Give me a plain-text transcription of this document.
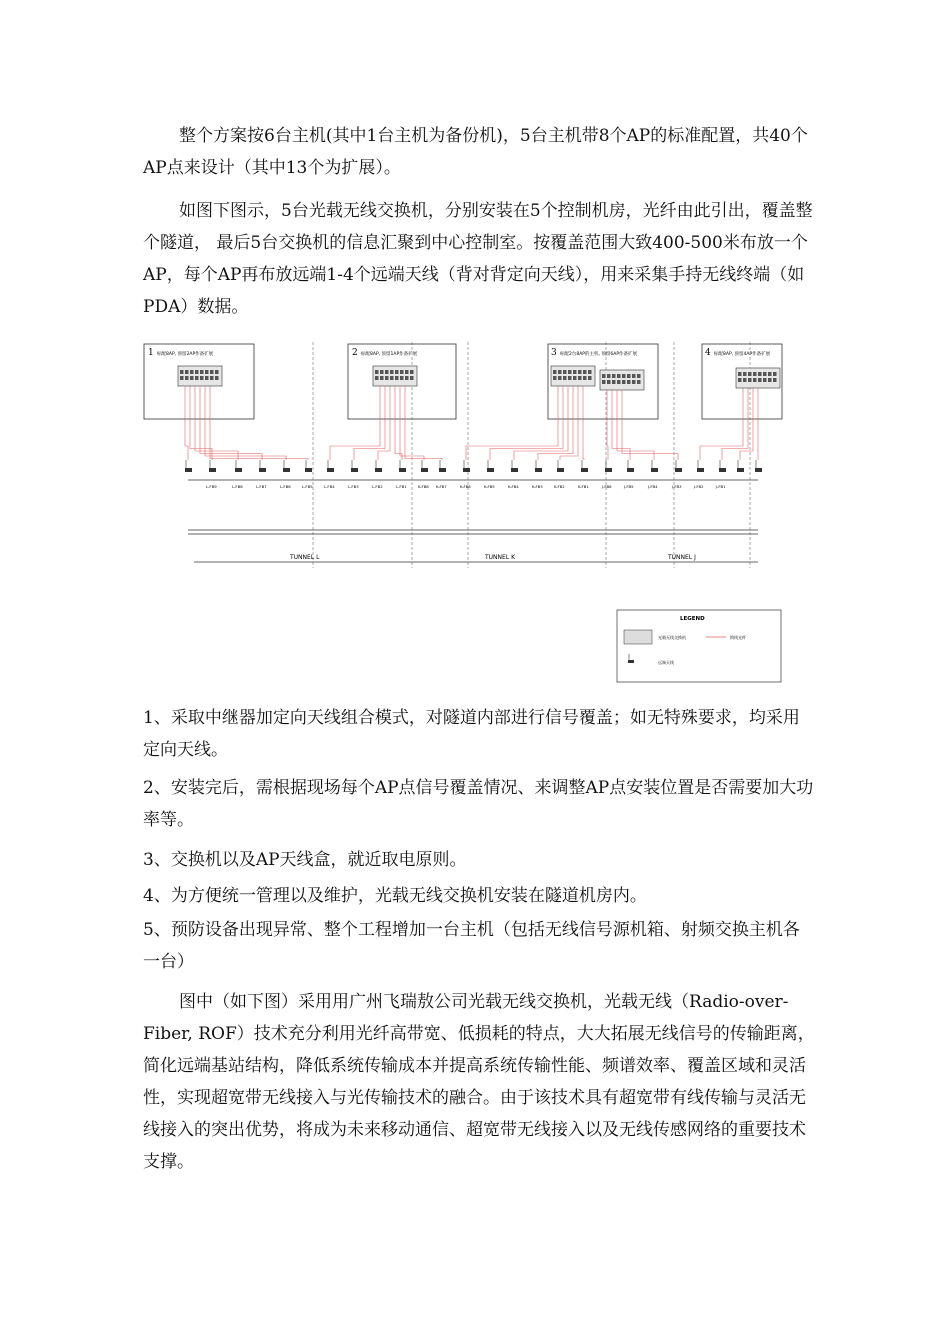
整个方案按6台主机(其中1台主机为备份机)，5台主机带8个AP的标准配置，共40个AP点来设计（其中13个为扩展）。

如图下图示，5台光载无线交换机，分别安装在5个控制机房，光纤由此引出，覆盖整个隧道， 最后5台交换机的信息汇聚到中心控制室。按覆盖范围大致400-500米布放一个AP，每个AP再布放远端1-4个远端天线（背对背定向天线），用来采集手持无线终端（如PDA）数据。

1 标配8AP, 预留2AP作备扩展	2 标配8AP, 预留1AP作备扩展	3 标配2台8AP的主机, 预留6AP作备扩展	4 标配8AP, 预留4AP作备扩展
L-FB9	L-FB8	L-FB7	L-FB6	L-FB5	L-FB4	L-FB3	L-FB2	L-FB1	K-FB8 K-FB7	K-FB6	K-FB5	K-FB4	K-FB3	K-FB2	K-FB1	J-FB6	J-FB5	J-FB4	J-FB3	J-FB2	J-FB1
TUNNEL L	TUNNEL K	TUNNEL J
LEGEND
光载无线交换机	馈线光纤
远端天线

1、采取中继器加定向天线组合模式，对隧道内部进行信号覆盖；如无特殊要求，均采用定向天线。

2、安装完后，需根据现场每个AP点信号覆盖情况、来调整AP点安装位置是否需要加大功率等。

3、交换机以及AP天线盒，就近取电原则。

4、为方便统一管理以及维护，光载无线交换机安装在隧道机房内。

5、预防设备出现异常、整个工程增加一台主机（包括无线信号源机箱、射频交换主机各一台）

图中（如下图）采用用广州飞瑞敖公司光载无线交换机，光载无线（Radio-over-Fiber, ROF）技术充分利用光纤高带宽、低损耗的特点，大大拓展无线信号的传输距离，简化远端基站结构，降低系统传输成本并提高系统传输性能、频谱效率、覆盖区域和灵活性，实现超宽带无线接入与光传输技术的融合。由于该技术具有超宽带有线传输与灵活无线接入的突出优势，将成为未来移动通信、超宽带无线接入以及无线传感网络的重要技术支撑。
